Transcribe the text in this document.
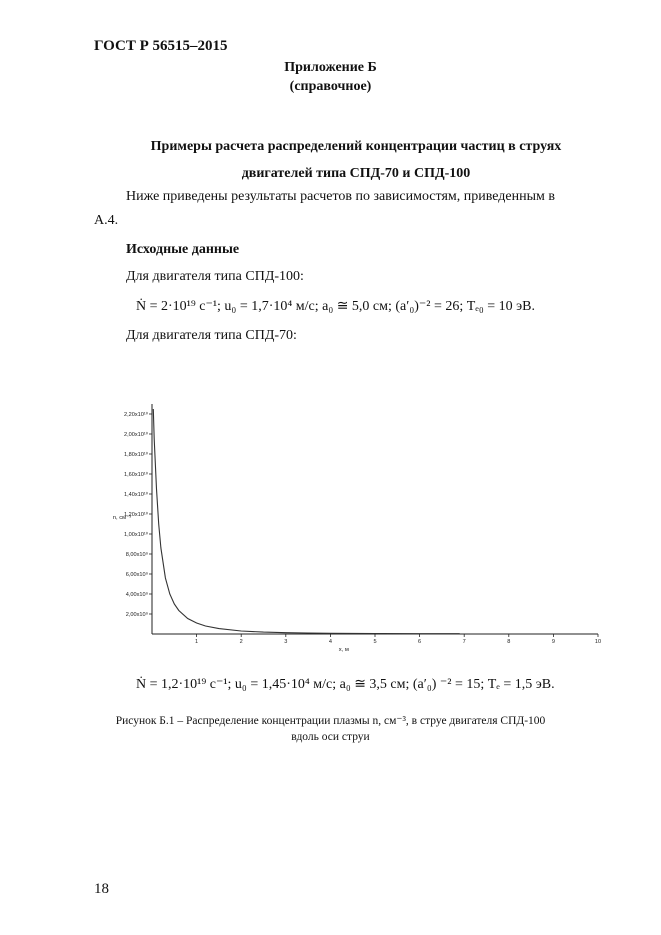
ГОСТ Р 56515–2015
Приложение Б
(справочное)
Примеры расчета распределений концентрации частиц в струях
двигателей типа СПД-70 и СПД-100
Ниже приведены результаты расчетов по зависимостям, приведенным в
А.4.
Исходные данные
Для двигателя типа СПД-100:
Ṅ = 2·10¹⁹ c⁻¹; u₀ = 1,7·10⁴ м/с; a₀ ≅ 5,0 см; (a′₀)⁻² = 26; Tₑ₀ = 10 эВ.
Для двигателя типа СПД-70:
2,00x10⁹
4,00x10⁹
6,00x10⁹
8,00x10⁹
1,00x10¹⁰
1,20x10¹⁰
1,40x10¹⁰
1,60x10¹⁰
1,80x10¹⁰
2,00x10¹⁰
2,20x10¹⁰
1	2	3	4	5	6	7	8	9	10
n, см⁻³
x, м
Ṅ = 1,2·10¹⁹ c⁻¹; u₀ = 1,45·10⁴ м/с; a₀ ≅ 3,5 см; (a′₀) ⁻² = 15; Tₑ = 1,5 эВ.
Рисунок Б.1 – Распределение концентрации плазмы n, см⁻³, в струе двигателя СПД-100
вдоль оси струи
18
